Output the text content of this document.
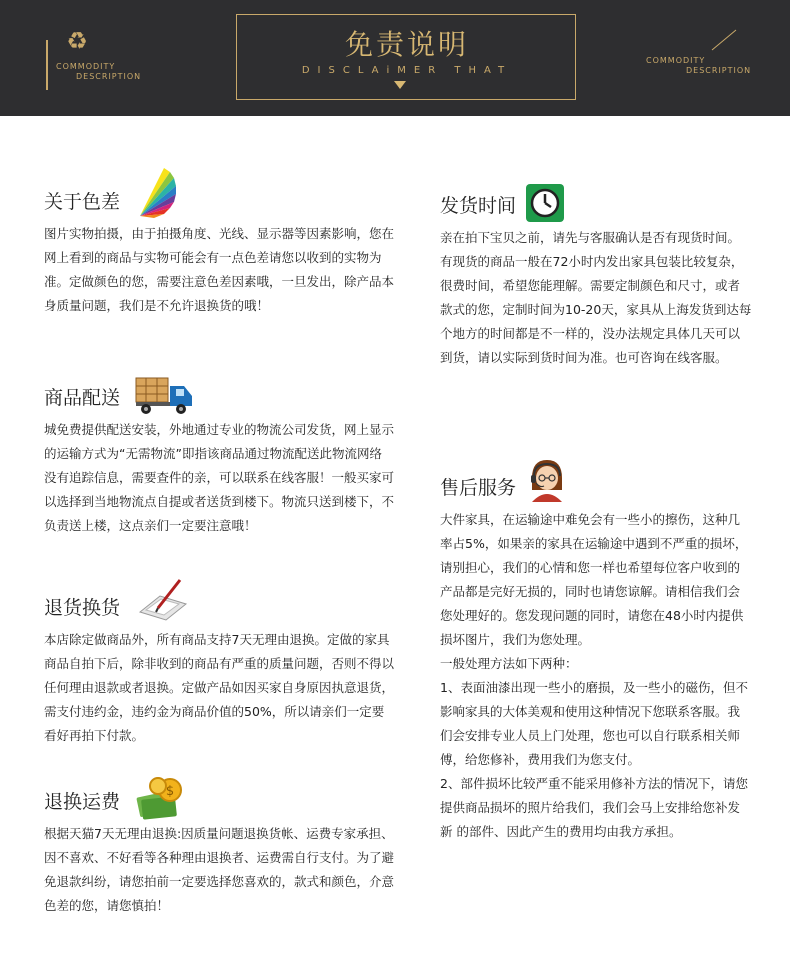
♻
COMMODITY
DESCRIPTION
免责说明
DISCLAiMER THAT
COMMODITY
DESCRIPTION
关于色差
图片实物拍摄，由于拍摄角度、光线、显示器等因素影响，您在网上看到的商品与实物可能会有一点色差请您以收到的实物为准。定做颜色的您，需要注意色差因素哦，一旦发出，除产品本身质量问题，我们是不允许退换货的哦！
商品配送
城免费提供配送安装，外地通过专业的物流公司发货，网上显示的运输方式为“无需物流”即指该商品通过物流配送此物流网络没有追踪信息，需要查件的亲，可以联系在线客服！一般买家可以选择到当地物流点自提或者送货到楼下。物流只送到楼下，不负责送上楼，这点亲们一定要注意哦！
退货换货
本店除定做商品外，所有商品支持7天无理由退换。定做的家具商品自拍下后，除非收到的商品有严重的质量问题，否则不得以任何理由退款或者退换。定做产品如因买家自身原因执意退货，需支付违约金，违约金为商品价值的50%，所以请亲们一定要看好再拍下付款。
退换运费	$
根据天猫7天无理由退换:因质量问题退换货帐、运费专家承担、因不喜欢、不好看等各种理由退换者、运费需自行支付。为了避免退款纠纷，请您拍前一定要选择您喜欢的，款式和颜色，介意色差的您，请您慎拍！
发货时间
亲在拍下宝贝之前，请先与客服确认是否有现货时间。有现货的商品一般在72小时内发出家具包装比较复杂，很费时间，希望您能理解。需要定制颜色和尺寸，或者款式的您，定制时间为10-20天，家具从上海发货到达每个地方的时间都是不一样的，没办法规定具体几天可以到货，请以实际到货时间为准。也可咨询在线客服。
售后服务

大件家具，在运输途中难免会有一些小的擦伤，这种几率占5%，如果亲的家具在运输途中遇到不严重的损坏，请别担心，我们的心情和您一样也希望每位客户收到的产品都是完好无损的，同时也请您谅解。请相信我们会您处理好的。您发现问题的同时，请您在48小时内提供损坏图片，我们为您处理。

一般处理方法如下两种：

1、表面油漆出现一些小的磨损，及一些小的磁伤，但不影响家具的大体美观和使用这种情况下您联系客服。我们会安排专业人员上门处理，您也可以自行联系相关师傅，给您修补，费用我们为您支付。

2、部件损坏比较严重不能采用修补方法的情况下，请您提供商品损坏的照片给我们，我们会马上安排给您补发新 的部件、因此产生的费用均由我方承担。
